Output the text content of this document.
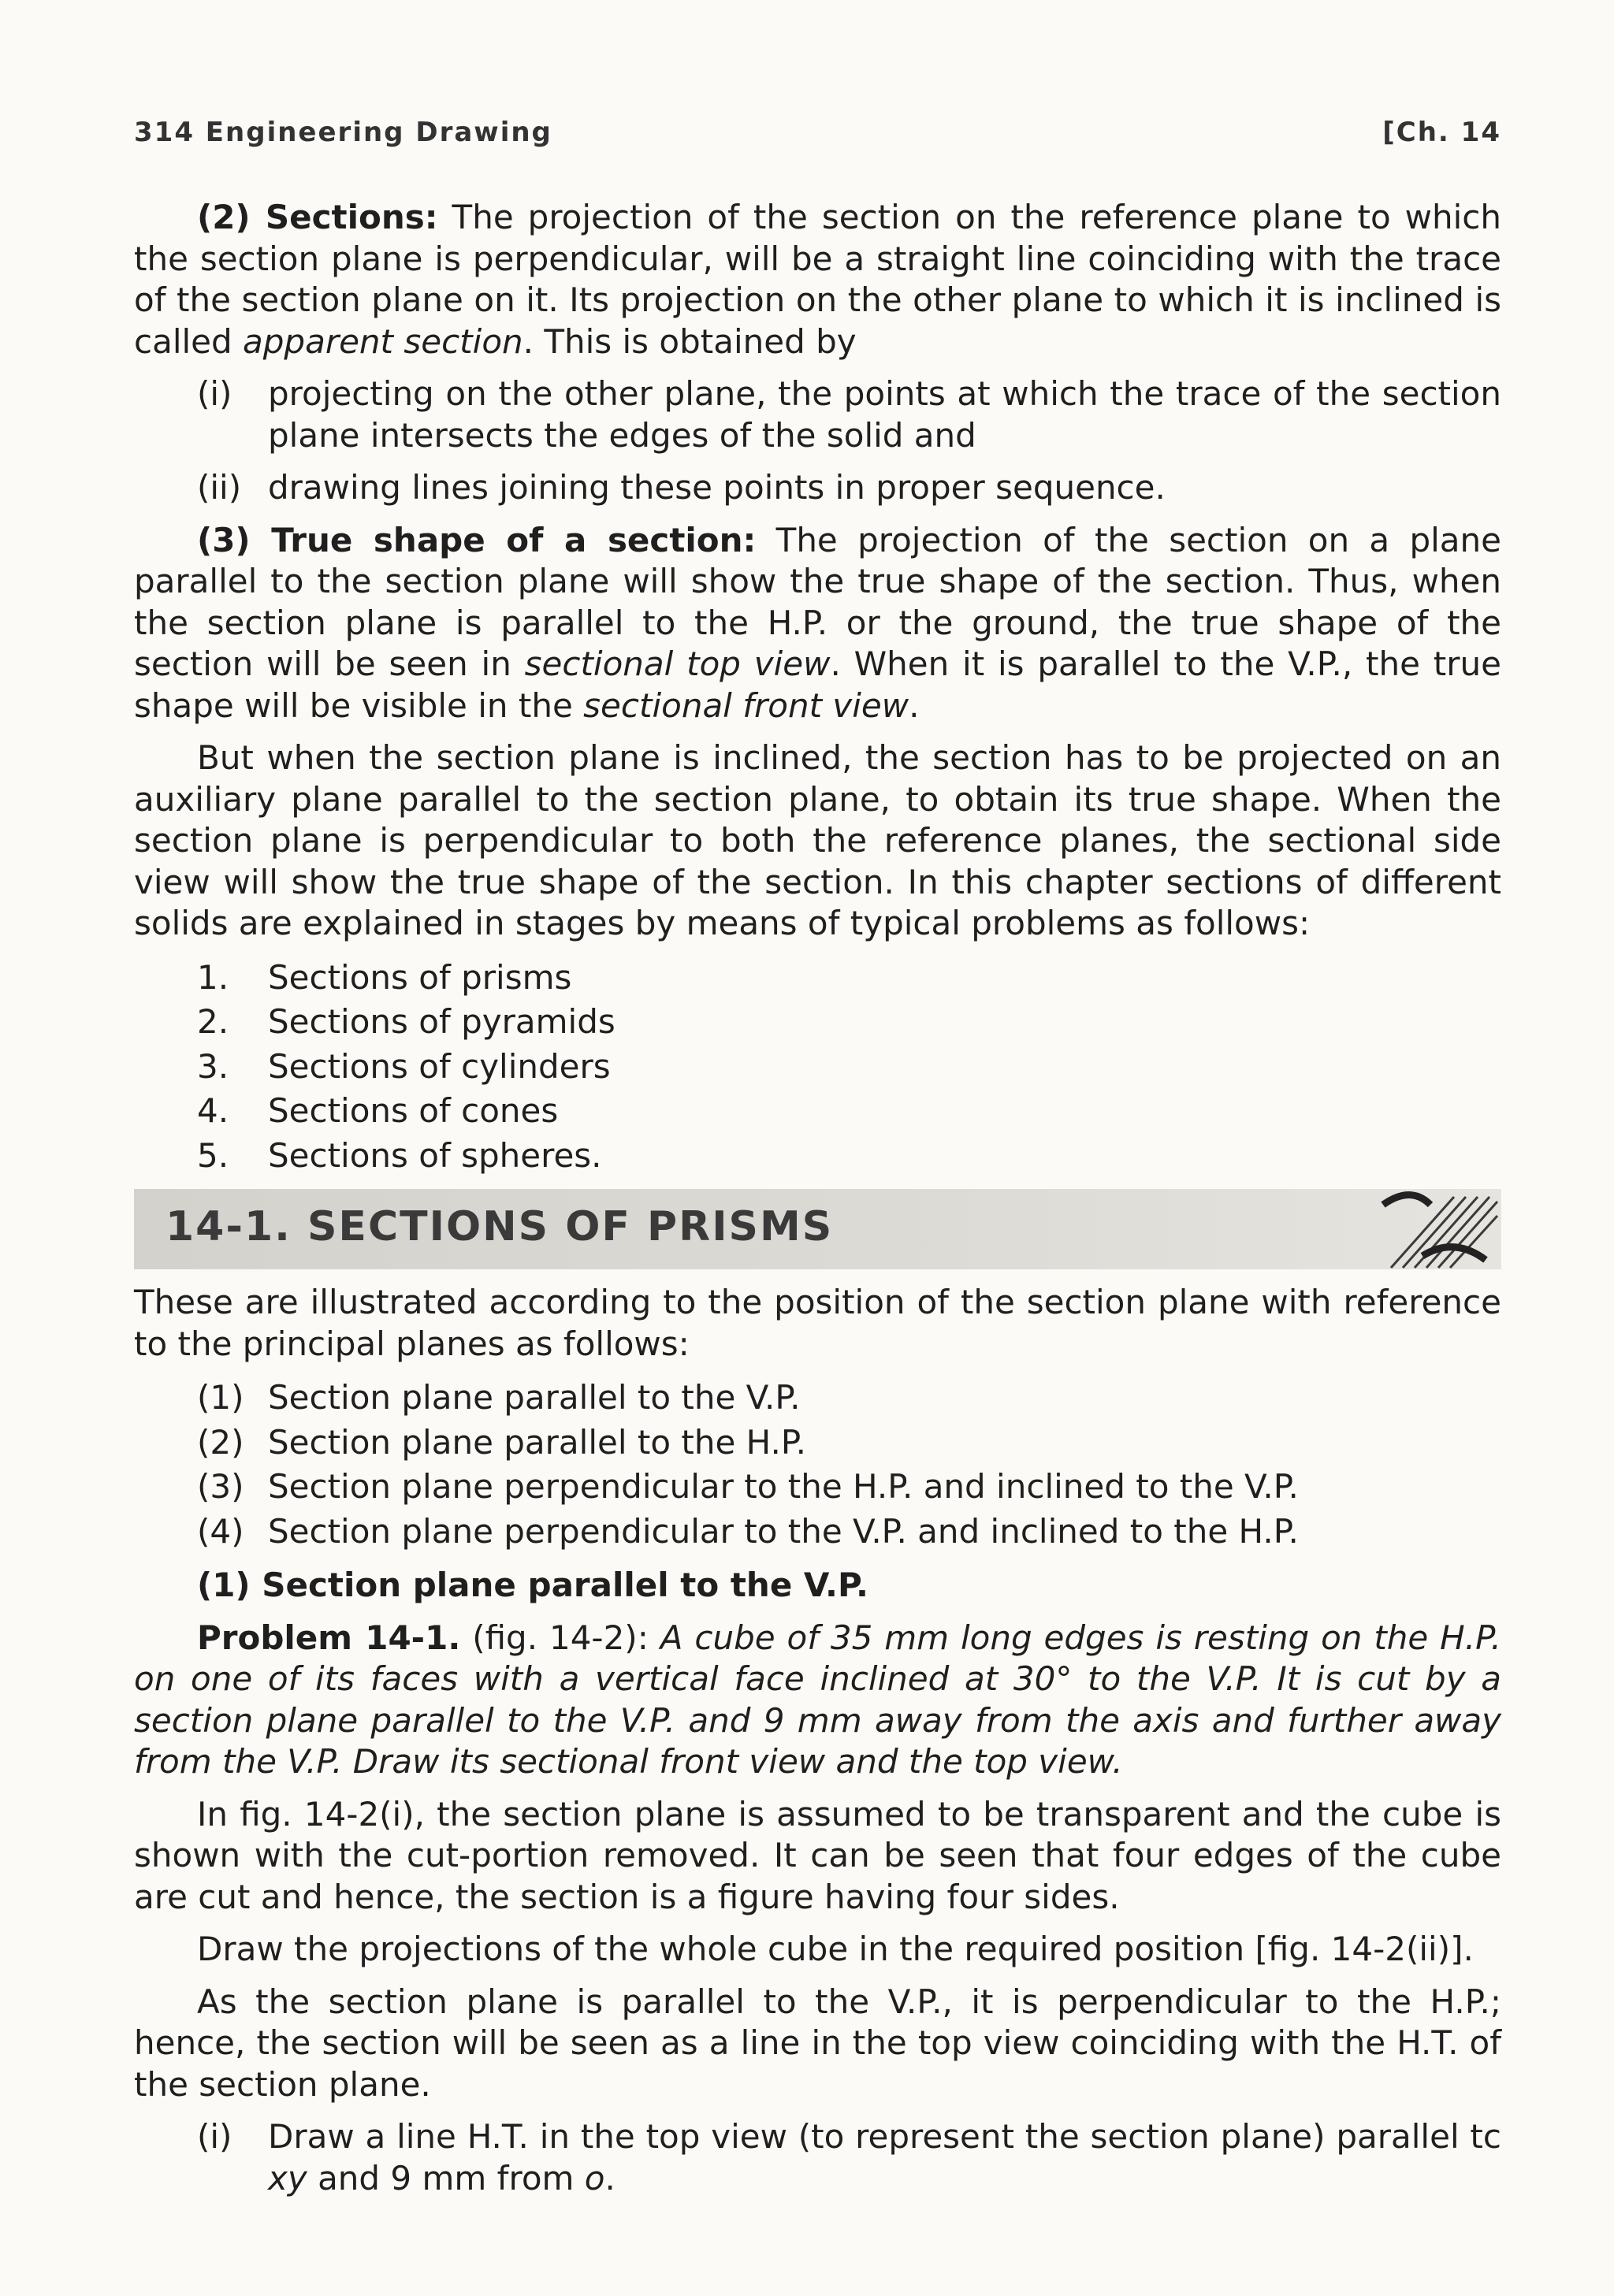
314 Engineering Drawing	[Ch. 14

(2) Sections: The projection of the section on the reference plane to which the section plane is perpendicular, will be a straight line coinciding with the trace of the section plane on it. Its projection on the other plane to which it is inclined is called apparent section. This is obtained by

(i) projecting on the other plane, the points at which the trace of the section plane intersects the edges of the solid and
(ii) drawing lines joining these points in proper sequence.

(3) True shape of a section: The projection of the section on a plane parallel to the section plane will show the true shape of the section. Thus, when the section plane is parallel to the H.P. or the ground, the true shape of the section will be seen in sectional top view. When it is parallel to the V.P., the true shape will be visible in the sectional front view.

But when the section plane is inclined, the section has to be projected on an auxiliary plane parallel to the section plane, to obtain its true shape. When the section plane is perpendicular to both the reference planes, the sectional side view will show the true shape of the section. In this chapter sections of different solids are explained in stages by means of typical problems as follows:

1. Sections of prisms
2. Sections of pyramids
3. Sections of cylinders
4. Sections of cones
5. Sections of spheres.
14-1. SECTIONS OF PRISMS

These are illustrated according to the position of the section plane with reference to the principal planes as follows:

(1) Section plane parallel to the V.P.
(2) Section plane parallel to the H.P.
(3) Section plane perpendicular to the H.P. and inclined to the V.P.
(4) Section plane perpendicular to the V.P. and inclined to the H.P.

(1) Section plane parallel to the V.P.

Problem 14-1. (fig. 14-2): A cube of 35 mm long edges is resting on the H.P. on one of its faces with a vertical face inclined at 30° to the V.P. It is cut by a section plane parallel to the V.P. and 9 mm away from the axis and further away from the V.P. Draw its sectional front view and the top view.

In fig. 14-2(i), the section plane is assumed to be transparent and the cube is shown with the cut-portion removed. It can be seen that four edges of the cube are cut and hence, the section is a figure having four sides.

Draw the projections of the whole cube in the required position [fig. 14-2(ii)].

As the section plane is parallel to the V.P., it is perpendicular to the H.P.; hence, the section will be seen as a line in the top view coinciding with the H.T. of the section plane.

(i) Draw a line H.T. in the top view (to represent the section plane) parallel tc xy and 9 mm from o.
